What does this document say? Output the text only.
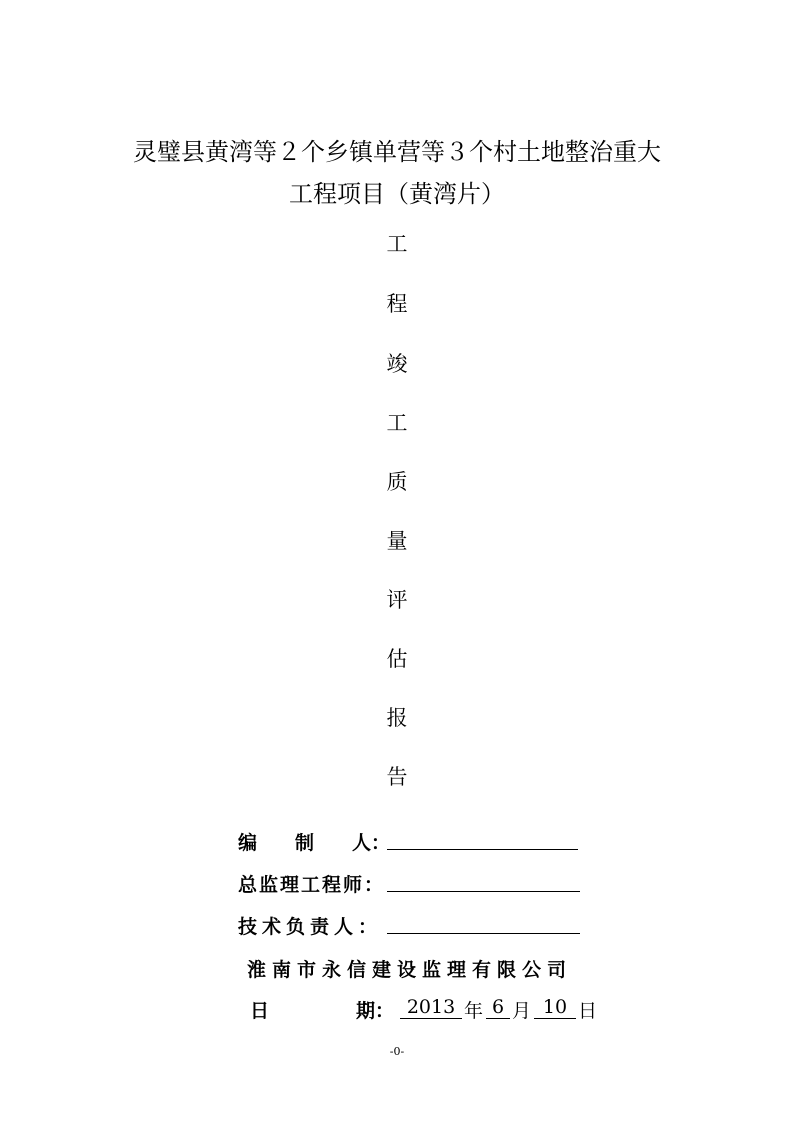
灵璧县黄湾等２个乡镇单营等３个村土地整治重大
工程项目（黄湾片）
工
程
竣
工
质
量
评
估
报
告
编　　制　　人：
总监理工程师：
技术负责人：
淮南市永信建设监理有限公司
日	期： 2013 年 6 月 10 日
-0-
